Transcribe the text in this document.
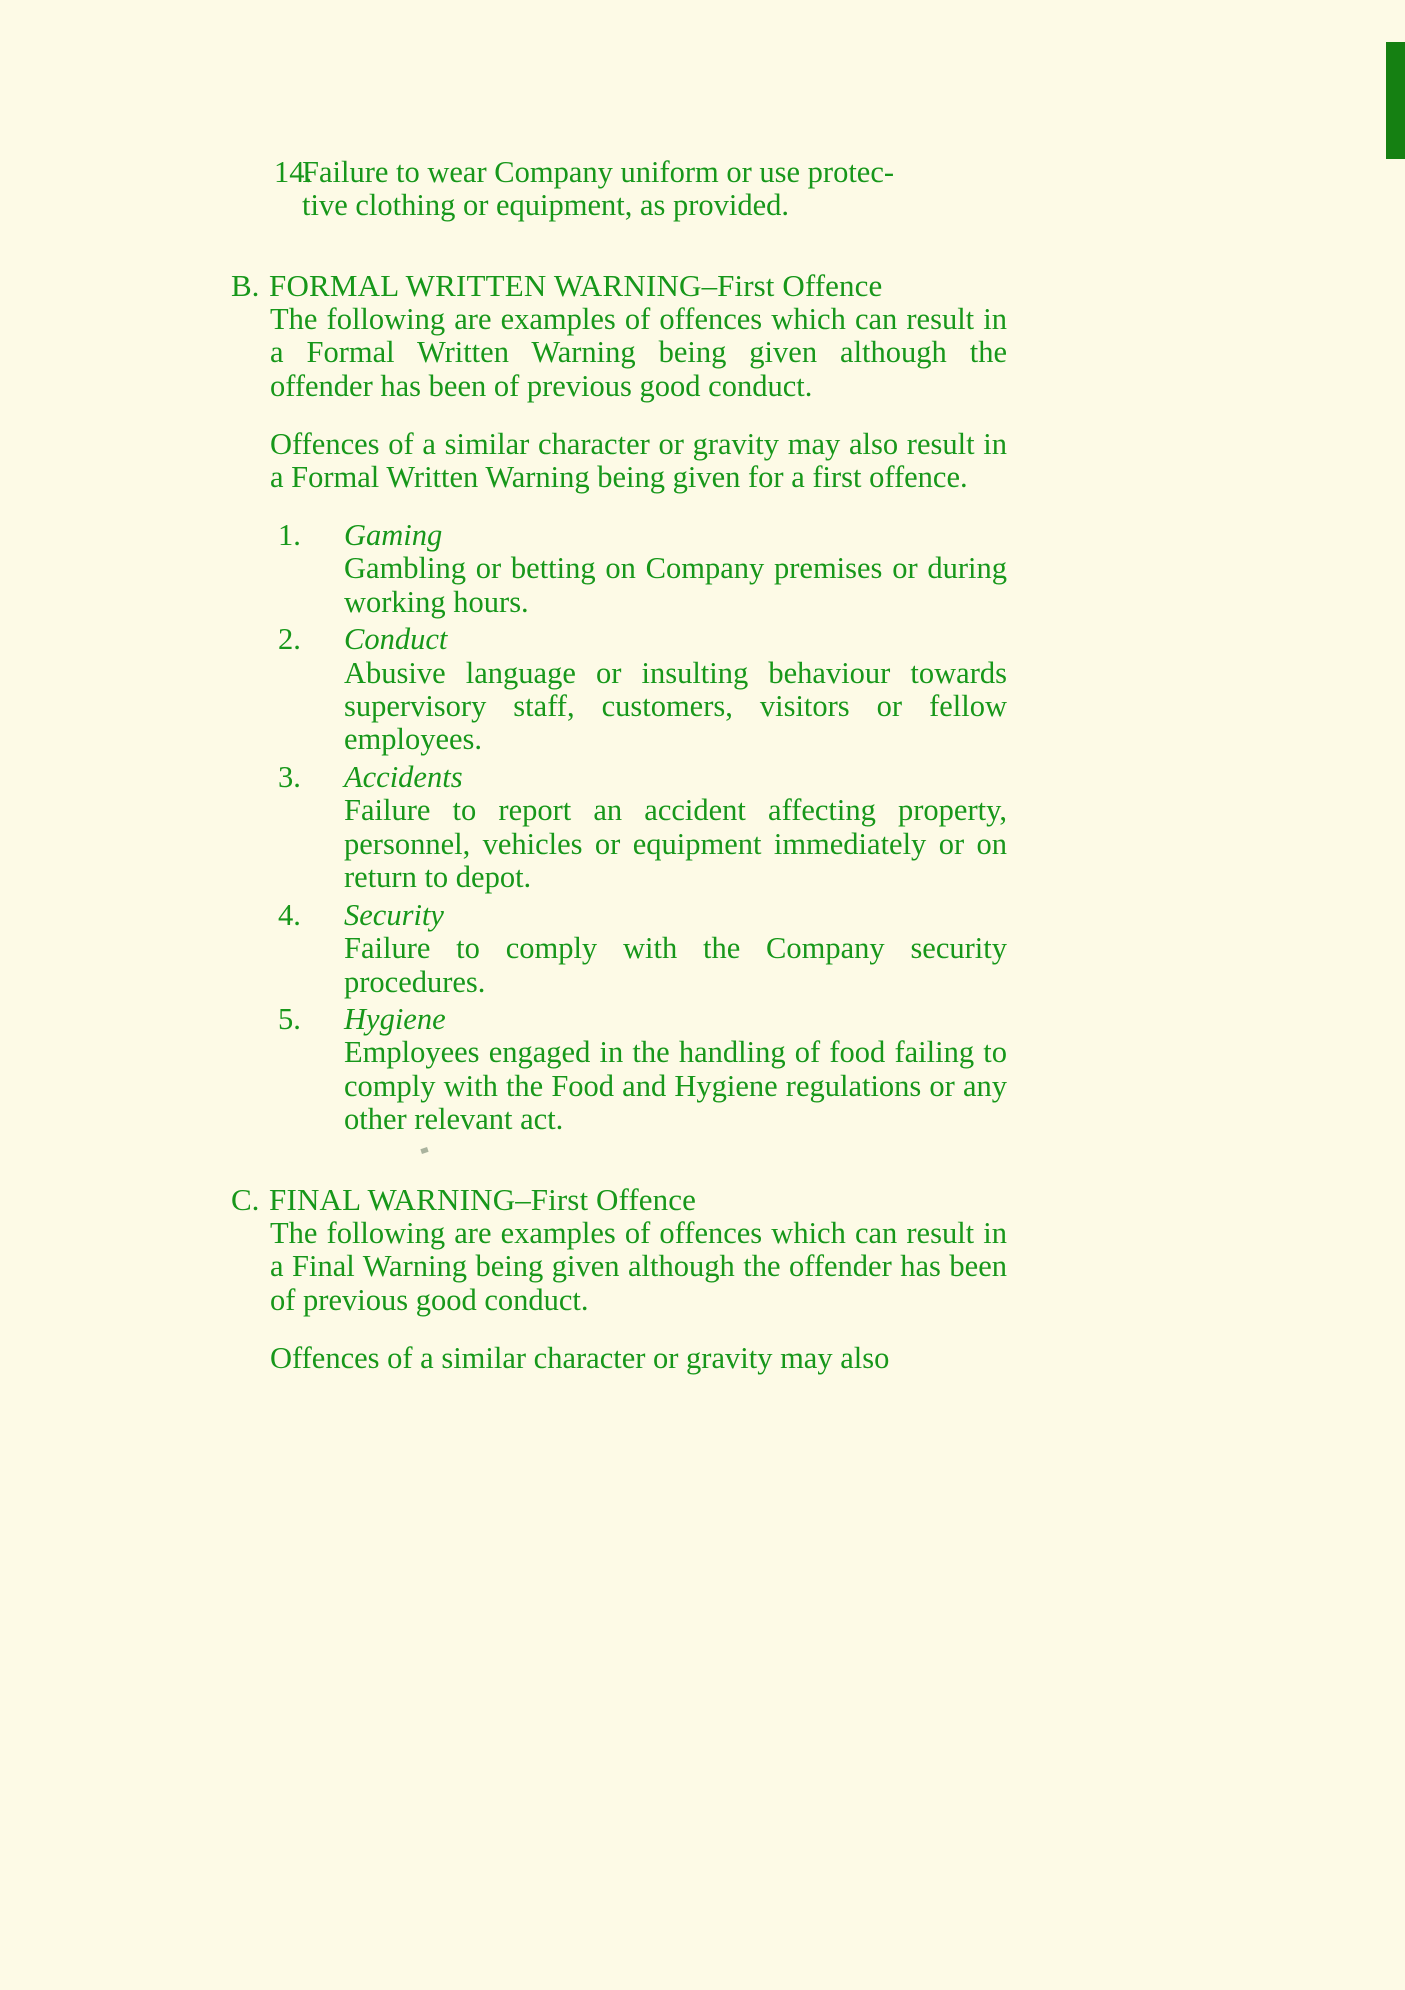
14.
Failure to wear Company uniform or use protec-
tive clothing or equipment, as provided.
B. FORMAL WRITTEN WARNING – First Offence

The following are examples of offences which can result in a Formal Written Warning being given although the offender has been of previous good conduct.

Offences of a similar character or gravity may also result in a Formal Written Warning being given for a first offence.

1.	Gaming
Gambling or betting on Company premises or during working hours.
2.	Conduct
Abusive language or insulting behaviour towards supervisory staff, customers, visitors or fellow employees.
3.	Accidents
Failure to report an accident affecting property, personnel, vehicles or equipment immediately or on return to depot.
4.	Security
Failure to comply with the Company security procedures.
5.	Hygiene
Employees engaged in the handling of food failing to comply with the Food and Hygiene regulations or any other relevant act.
C. FINAL WARNING – First Offence

The following are examples of offences which can result in a Final Warning being given although the offender has been of previous good conduct.

Offences of a similar character or gravity may also
